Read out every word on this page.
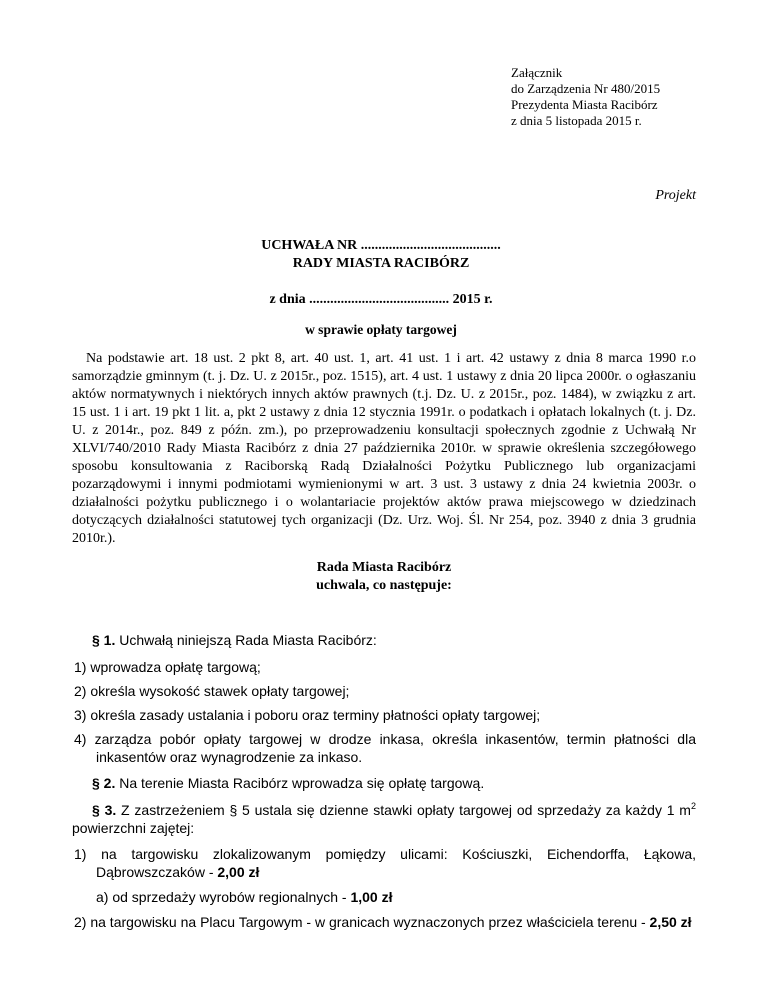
Załącznik
do Zarządzenia Nr 480/2015
Prezydenta Miasta Racibórz
z dnia 5 listopada 2015 r.
Projekt
UCHWAŁA NR ........................................
RADY MIASTA RACIBÓRZ
z dnia ........................................ 2015 r.
w sprawie opłaty targowej
Na podstawie art. 18 ust. 2 pkt 8, art. 40 ust. 1, art. 41 ust. 1 i art. 42 ustawy z dnia 8 marca 1990 r.o samorządzie gminnym (t. j. Dz. U. z 2015r., poz. 1515), art. 4 ust. 1 ustawy z dnia 20 lipca 2000r. o ogłaszaniu aktów normatywnych i niektórych innych aktów prawnych (t.j. Dz. U. z 2015r., poz. 1484), w związku z art. 15 ust. 1 i art. 19 pkt 1 lit. a, pkt 2 ustawy z dnia 12 stycznia 1991r. o podatkach i opłatach lokalnych (t. j. Dz. U. z 2014r., poz. 849 z późn. zm.), po przeprowadzeniu konsultacji społecznych zgodnie z Uchwałą Nr XLVI/740/2010 Rady Miasta Racibórz z dnia 27 października 2010r. w sprawie określenia szczegółowego sposobu konsultowania z Raciborską Radą Działalności Pożytku Publicznego lub organizacjami pozarządowymi i innymi podmiotami wymienionymi w art. 3 ust. 3 ustawy z dnia 24 kwietnia 2003r. o działalności pożytku publicznego i o wolantariacie projektów aktów prawa miejscowego w dziedzinach dotyczących działalności statutowej tych organizacji (Dz. Urz. Woj. Śl. Nr 254, poz. 3940 z dnia 3 grudnia 2010r.).
Rada Miasta Racibórz
uchwala, co następuje:
§ 1. Uchwałą niniejszą Rada Miasta Racibórz:
1) wprowadza opłatę targową;
2) określa wysokość stawek opłaty targowej;
3) określa zasady ustalania i poboru oraz terminy płatności opłaty targowej;
4) zarządza pobór opłaty targowej w drodze inkasa, określa inkasentów, termin płatności dla inkasentów oraz wynagrodzenie za inkaso.
§ 2. Na terenie Miasta Racibórz wprowadza się opłatę targową.
§ 3. Z zastrzeżeniem § 5 ustala się dzienne stawki opłaty targowej od sprzedaży za każdy 1 $m^2$ powierzchni zajętej:
1) na targowisku zlokalizowanym pomiędzy ulicami: Kościuszki, Eichendorffa, Łąkowa, Dąbrowszczaków - 2,00 zł
a) od sprzedaży wyrobów regionalnych - 1,00 zł
2) na targowisku na Placu Targowym - w granicach wyznaczonych przez właściciela terenu - 2,50 zł
